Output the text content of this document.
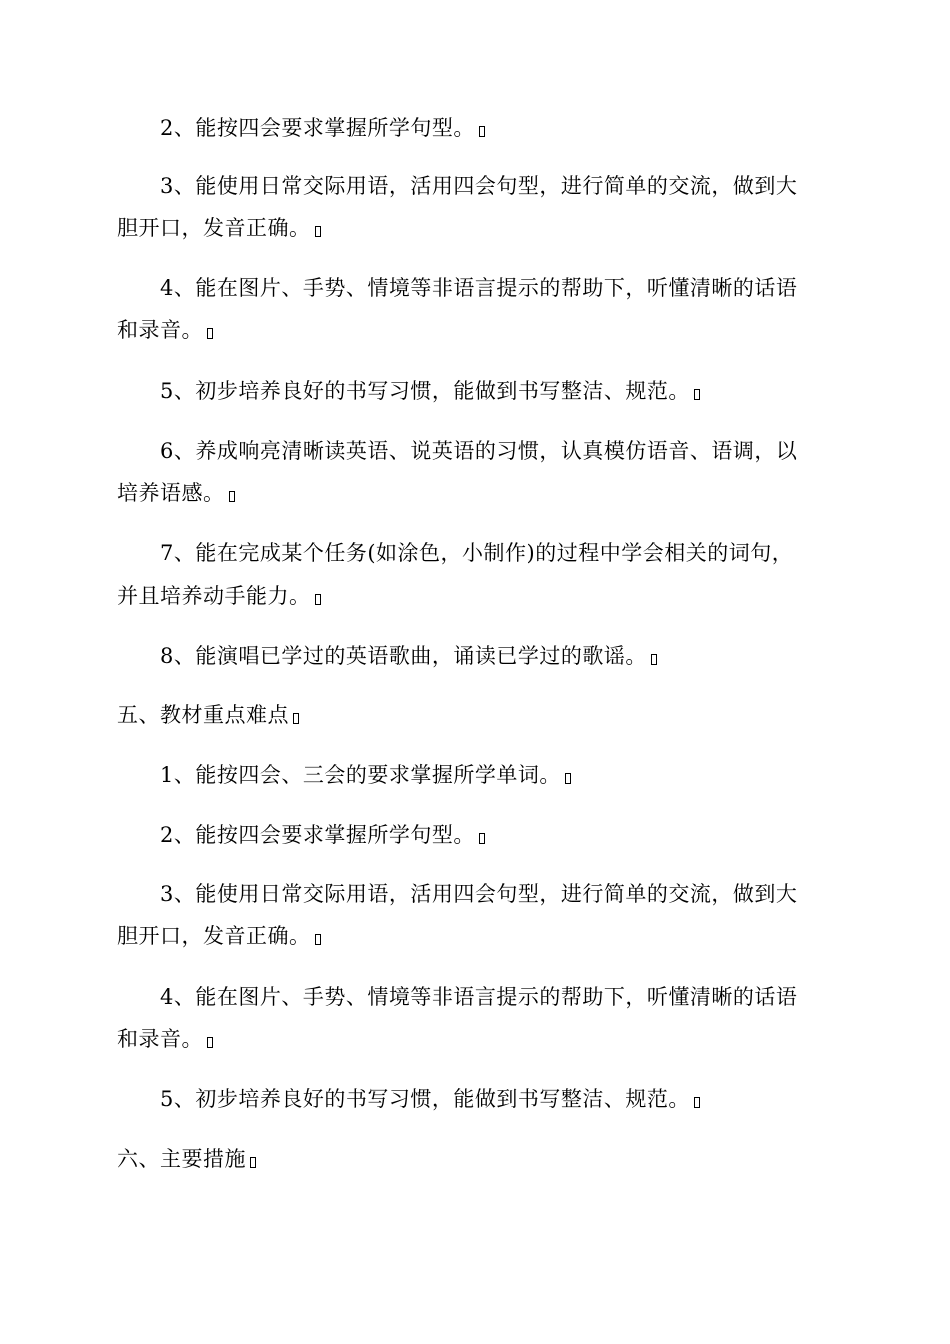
2、能按四会要求掌握所学句型。
3、能使用日常交际用语，活用四会句型，进行简单的交流，做到大
胆开口，发音正确。
4、能在图片、手势、情境等非语言提示的帮助下，听懂清晰的话语
和录音。
5、初步培养良好的书写习惯，能做到书写整洁、规范。
6、养成响亮清晰读英语、说英语的习惯，认真模仿语音、语调，以
培养语感。
7、能在完成某个任务(如涂色，小制作)的过程中学会相关的词句，
并且培养动手能力。
8、能演唱已学过的英语歌曲，诵读已学过的歌谣。
五、教材重点难点
1、能按四会、三会的要求掌握所学单词。
2、能按四会要求掌握所学句型。
3、能使用日常交际用语，活用四会句型，进行简单的交流，做到大
胆开口，发音正确。
4、能在图片、手势、情境等非语言提示的帮助下，听懂清晰的话语
和录音。
5、初步培养良好的书写习惯，能做到书写整洁、规范。
六、主要措施
